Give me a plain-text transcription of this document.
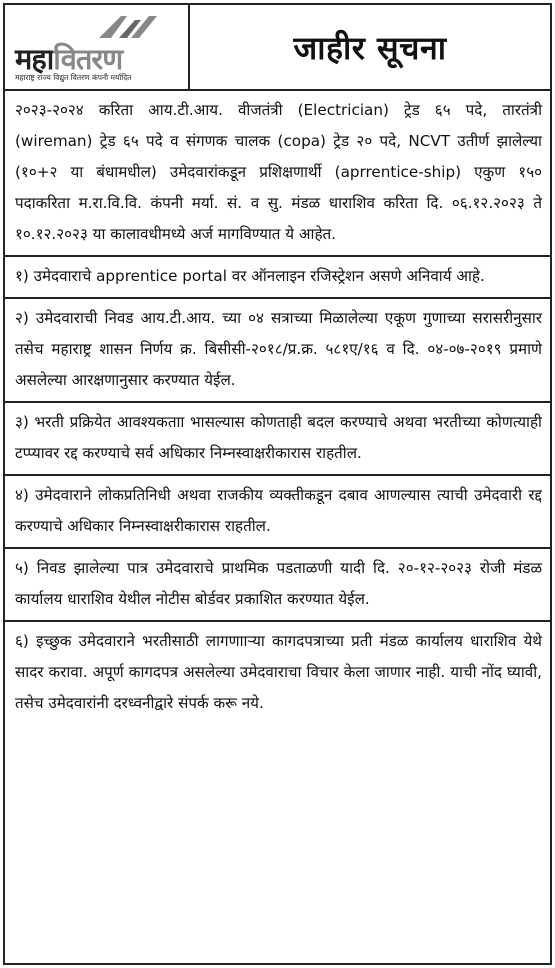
महा वितरण
महाराष्ट्र राज्य विद्युत वितरण कंपनी मर्यादित
जाहीर सूचना
२०२३-२०२४ करिता आय.टी.आय. वीजतंत्री (Electrician) ट्रेड ६५ पदे, तारतंत्री (wireman) ट्रेड ६५ पदे व संगणक चालक (copa) ट्रेड २० पदे, NCVT उतीर्ण झालेल्या (१०+२ या बंधामधील) उमेदवारांकडून प्रशिक्षणार्थी (aprrentice-ship) एकुण १५० पदाकरिता म.रा.वि.वि. कंपनी मर्या. सं. व सु. मंडळ धाराशिव करिता दि. ०६.१२.२०२३ ते १०.१२.२०२३ या कालावधीमध्ये अर्ज मागविण्यात ये आहेत.
१) उमेदवाराचे apprentice portal वर ऑनलाइन रजिस्ट्रेशन असणे अनिवार्य आहे.
२) उमेदवाराची निवड आय.टी.आय. च्या ०४ सत्राच्या मिळालेल्या एकूण गुणाच्या सरासरीनुसार तसेच महाराष्ट्र शासन निर्णय क्र. बिसीसी-२०१८/प्र.क्र. ५८१ए/१६ व दि. ०४-०७-२०१९ प्रमाणे असलेल्या आरक्षणानुसार करण्यात येईल.
३) भरती प्रक्रियेत आवश्यकताा भासल्यास कोणताही बदल करण्याचे अथवा भरतीच्या कोणत्याही टप्प्यावर रद्द करण्याचे सर्व अधिकार निम्नस्वाक्षरीकारास राहतील.
४) उमेदवाराने लोकप्रतिनिधी अथवा राजकीय व्यक्तीकडून दबाव आणल्यास त्याची उमेदवारी रद्द करण्याचे अधिकार निम्नस्वाक्षरीकारास राहतील.
५) निवड झालेल्या पात्र उमेदवाराचे प्राथमिक पडताळणी यादी दि. २०-१२-२०२३ रोजी मंडळ कार्यालय धाराशिव येथील नोटीस बोर्डवर प्रकाशित करण्यात येईल.
६) इच्छुक उमेदवाराने भरतीसाठी लागणााऱ्या कागदपत्राच्या प्रती मंडळ कार्यालय धाराशिव येथे सादर करावा. अपूर्ण कागदपत्र असलेल्या उमेदवाराचा विचार केला जाणार नाही. याची नोंद घ्यावी, तसेच उमेदवारांनी दरध्वनीद्वारे संपर्क करू नये.
